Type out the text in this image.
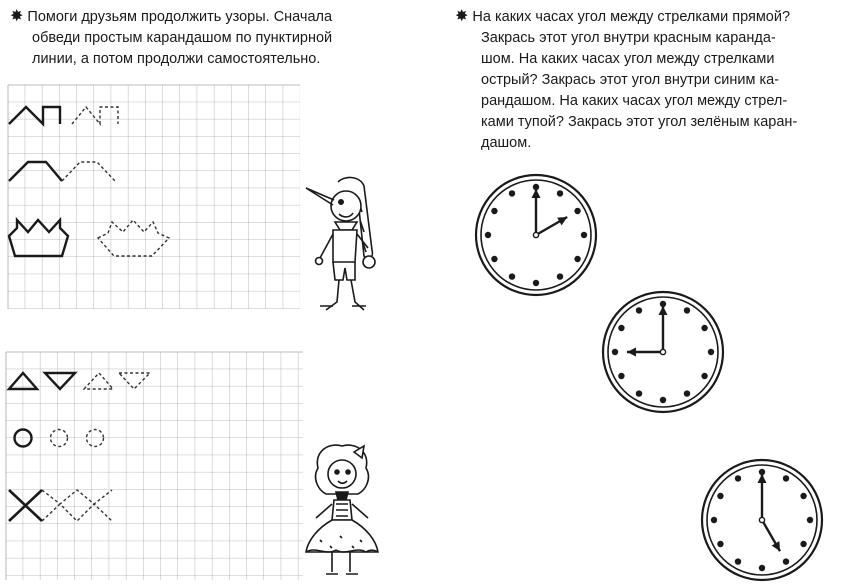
✸ Помоги друзьям продолжить узоры. Сначала

обведи простым карандашом по пунктирной

линии, а потом продолжи самостоятельно.

✸ На каких часах угол между стрелками прямой?

Закрась этот угол внутри красным каранда-

шом. На каких часах угол между стрелками

острый? Закрась этот угол внутри синим ка-

рандашом. На каких часах угол между стрел-

ками тупой? Закрась этот угол зелёным каран-

дашом.
